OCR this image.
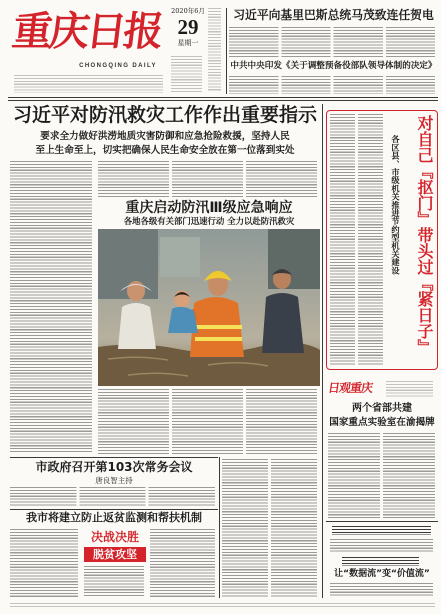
重庆日报
CHONGQING DAILY
2020年6月
29
星期一
习近平向基里巴斯总统马茂致连任贺电
中共中央印发《关于调整预备役部队领导体制的决定》
习近平对防汛救灾工作作出重要指示
要求全力做好洪涝地质灾害防御和应急抢险救援，坚持人民
至上生命至上，切实把确保人民生命安全放在第一位落到实处
重庆启动防汛Ⅲ级应急响应
各地各级有关部门迅速行动 全力以赴防汛救灾
市政府召开第103次常务会议
唐良智主持
我市将建立防止返贫监测和帮扶机制
决战决胜
脱贫攻坚
各区县、市级机关推进节约型机关建设 对自己『抠门』带头过『紧日子』
日观重庆
两个省部共建
国家重点实验室在渝揭牌
让“数据流”变“价值流”
